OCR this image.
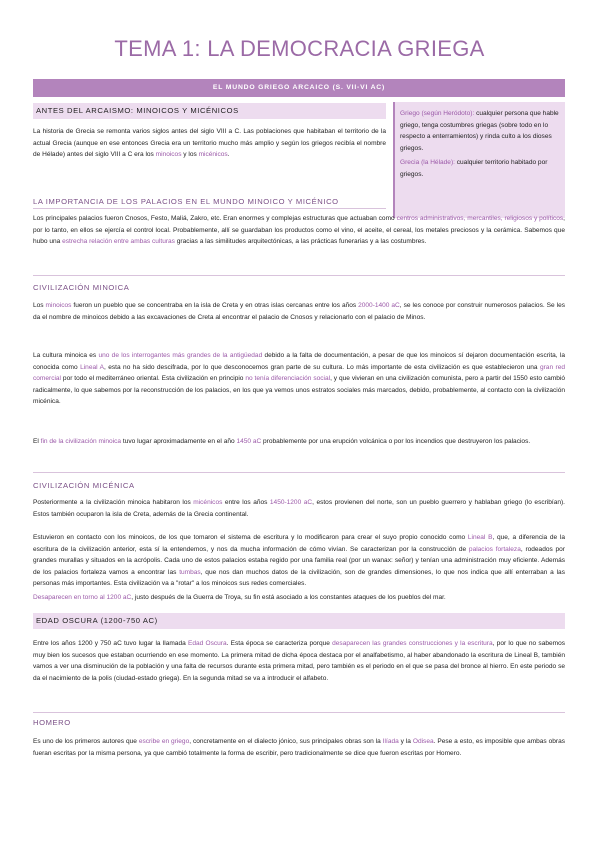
TEMA 1: LA DEMOCRACIA GRIEGA
EL MUNDO GRIEGO ARCAICO (S. VII-VI AC)
ANTES DEL ARCAISMO: MINOICOS Y MICÉNICOS

La historia de Grecia se remonta varios siglos antes del siglo VIII a C. Las poblaciones que habitaban el territorio de la actual Grecia (aunque en ese entonces Grecia era un territorio mucho más amplio y según los griegos recibía el nombre de Hélade) antes del siglo VIII a C era los minoicos y los micénicos.

Griego (según Heródoto): cualquier persona que hable griego, tenga costumbres griegas (sobre todo en lo respecto a enterramientos) y rinda culto a los dioses griegos.

Grecia (la Hélade): cualquier territorio habitado por griegos.

LA IMPORTANCIA DE LOS PALACIOS EN EL MUNDO MINOICO Y MICÉNICO

Los principales palacios fueron Cnosos, Festo, Maliá, Zakro, etc. Eran enormes y complejas estructuras que actuaban como centros administrativos, mercantiles, religiosos y políticos, por lo tanto, en ellos se ejercía el control local. Probablemente, allí se guardaban los productos como el vino, el aceite, el cereal, los metales preciosos y la cerámica. Sabemos que hubo una estrecha relación entre ambas culturas gracias a las similitudes arquitectónicas, a las prácticas funerarias y a las costumbres.

CIVILIZACIÓN MINOICA

Los minoicos fueron un pueblo que se concentraba en la isla de Creta y en otras islas cercanas entre los años 2000-1400 aC, se les conoce por construir numerosos palacios. Se les da el nombre de minoicos debido a las excavaciones de Creta al encontrar el palacio de Cnosos y relacionarlo con el palacio de Minos.

La cultura minoica es uno de los interrogantes más grandes de la antigüedad debido a la falta de documentación, a pesar de que los minoicos sí dejaron documentación escrita, la conocida como Lineal A, esta no ha sido descifrada, por lo que desconocemos gran parte de su cultura. Lo más importante de esta civilización es que establecieron una gran red comercial por todo el mediterráneo oriental. Esta civilización en principio no tenía diferenciación social, y que vivieran en una civilización comunista, pero a partir del 1550 esto cambió radicalmente, lo que sabemos por la reconstrucción de los palacios, en los que ya vemos unos estratos sociales más marcados, debido, probablemente, al contacto con la civilización micénica.

El fin de la civilización minoica tuvo lugar aproximadamente en el año 1450 aC probablemente por una erupción volcánica o por los incendios que destruyeron los palacios.

CIVILIZACIÓN MICÉNICA

Posteriormente a la civilización minoica habitaron los micénicos entre los años 1450-1200 aC, estos provienen del norte, son un pueblo guerrero y hablaban griego (lo escribían). Estos también ocuparon la isla de Creta, además de la Grecia continental.

Estuvieron en contacto con los minoicos, de los que tomaron el sistema de escritura y lo modificaron para crear el suyo propio conocido como Lineal B, que, a diferencia de la escritura de la civilización anterior, esta sí la entendemos, y nos da mucha información de cómo vivían. Se caracterizan por la construcción de palacios fortaleza, rodeados por grandes murallas y situados en la acrópolis. Cada uno de estos palacios estaba regido por una familia real (por un wanax: señor) y tenían una administración muy eficiente. Además de los palacios fortaleza vamos a encontrar las tumbas, que nos dan muchos datos de la civilización, son de grandes dimensiones, lo que nos indica que allí enterraban a las personas más importantes. Esta civilización va a "rotar" a los minoicos sus redes comerciales.

Desaparecen en torno al 1200 aC, justo después de la Guerra de Troya, su fin está asociado a los constantes ataques de los pueblos del mar.

EDAD OSCURA (1200-750 AC)

Entre los años 1200 y 750 aC tuvo lugar la llamada Edad Oscura. Esta época se caracteriza porque desaparecen las grandes construcciones y la escritura, por lo que no sabemos muy bien los sucesos que estaban ocurriendo en ese momento. La primera mitad de dicha época destaca por el analfabetismo, al haber abandonado la escritura de Lineal B, también vamos a ver una disminución de la población y una falta de recursos durante esta primera mitad, pero también es el periodo en el que se pasa del bronce al hierro. En este periodo se da el nacimiento de la polis (ciudad-estado griega). En la segunda mitad se va a introducir el alfabeto.

HOMERO

Es uno de los primeros autores que escribe en griego, concretamente en el dialecto jónico, sus principales obras son la Ilíada y la Odisea. Pese a esto, es imposible que ambas obras fueran escritas por la misma persona, ya que cambió totalmente la forma de escribir, pero tradicionalmente se dice que fueron escritas por Homero.
